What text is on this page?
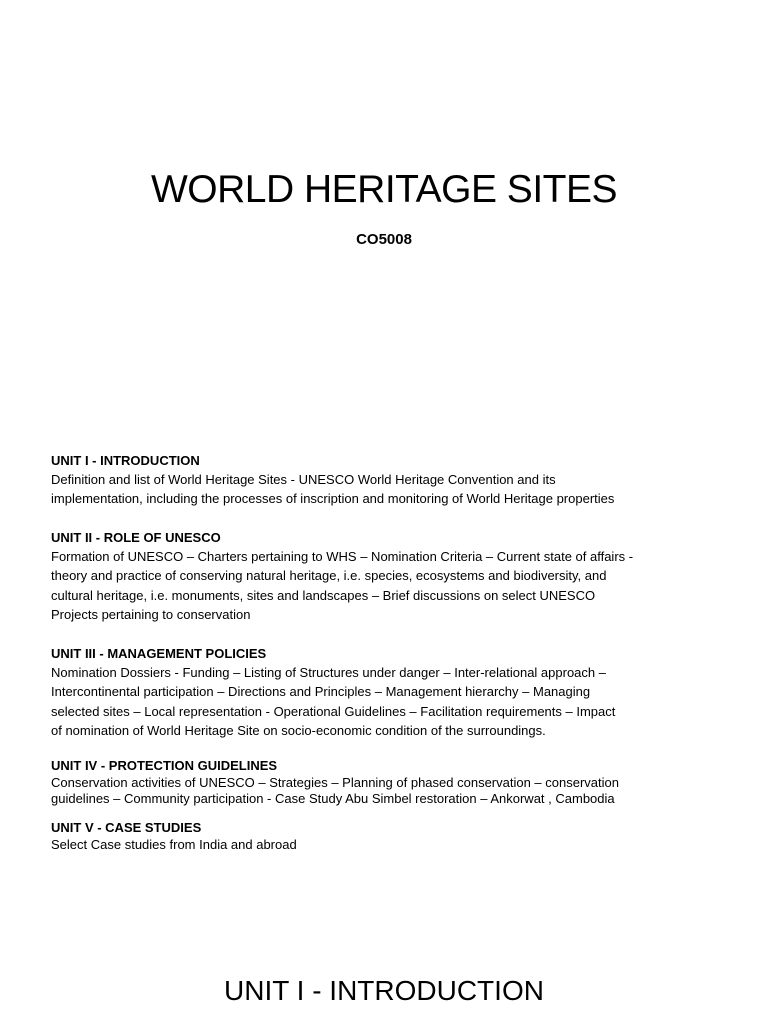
WORLD HERITAGE SITES
CO5008
UNIT I - INTRODUCTION
Definition and list of World Heritage Sites - UNESCO World Heritage Convention and its
implementation, including the processes of inscription and monitoring of World Heritage properties
UNIT II - ROLE OF UNESCO
Formation of UNESCO – Charters pertaining to WHS – Nomination Criteria – Current state of affairs -
theory and practice of conserving natural heritage, i.e. species, ecosystems and biodiversity, and
cultural heritage, i.e. monuments, sites and landscapes – Brief discussions on select UNESCO
Projects pertaining to conservation
UNIT III - MANAGEMENT POLICIES
Nomination Dossiers - Funding – Listing of Structures under danger – Inter-relational approach –
Intercontinental participation – Directions and Principles – Management hierarchy – Managing
selected sites – Local representation - Operational Guidelines – Facilitation requirements – Impact
of nomination of World Heritage Site on socio-economic condition of the surroundings.
UNIT IV - PROTECTION GUIDELINES
Conservation activities of UNESCO – Strategies – Planning of phased conservation – conservation
guidelines – Community participation - Case Study Abu Simbel restoration – Ankorwat , Cambodia
UNIT V - CASE STUDIES
Select Case studies from India and abroad
UNIT I - INTRODUCTION
